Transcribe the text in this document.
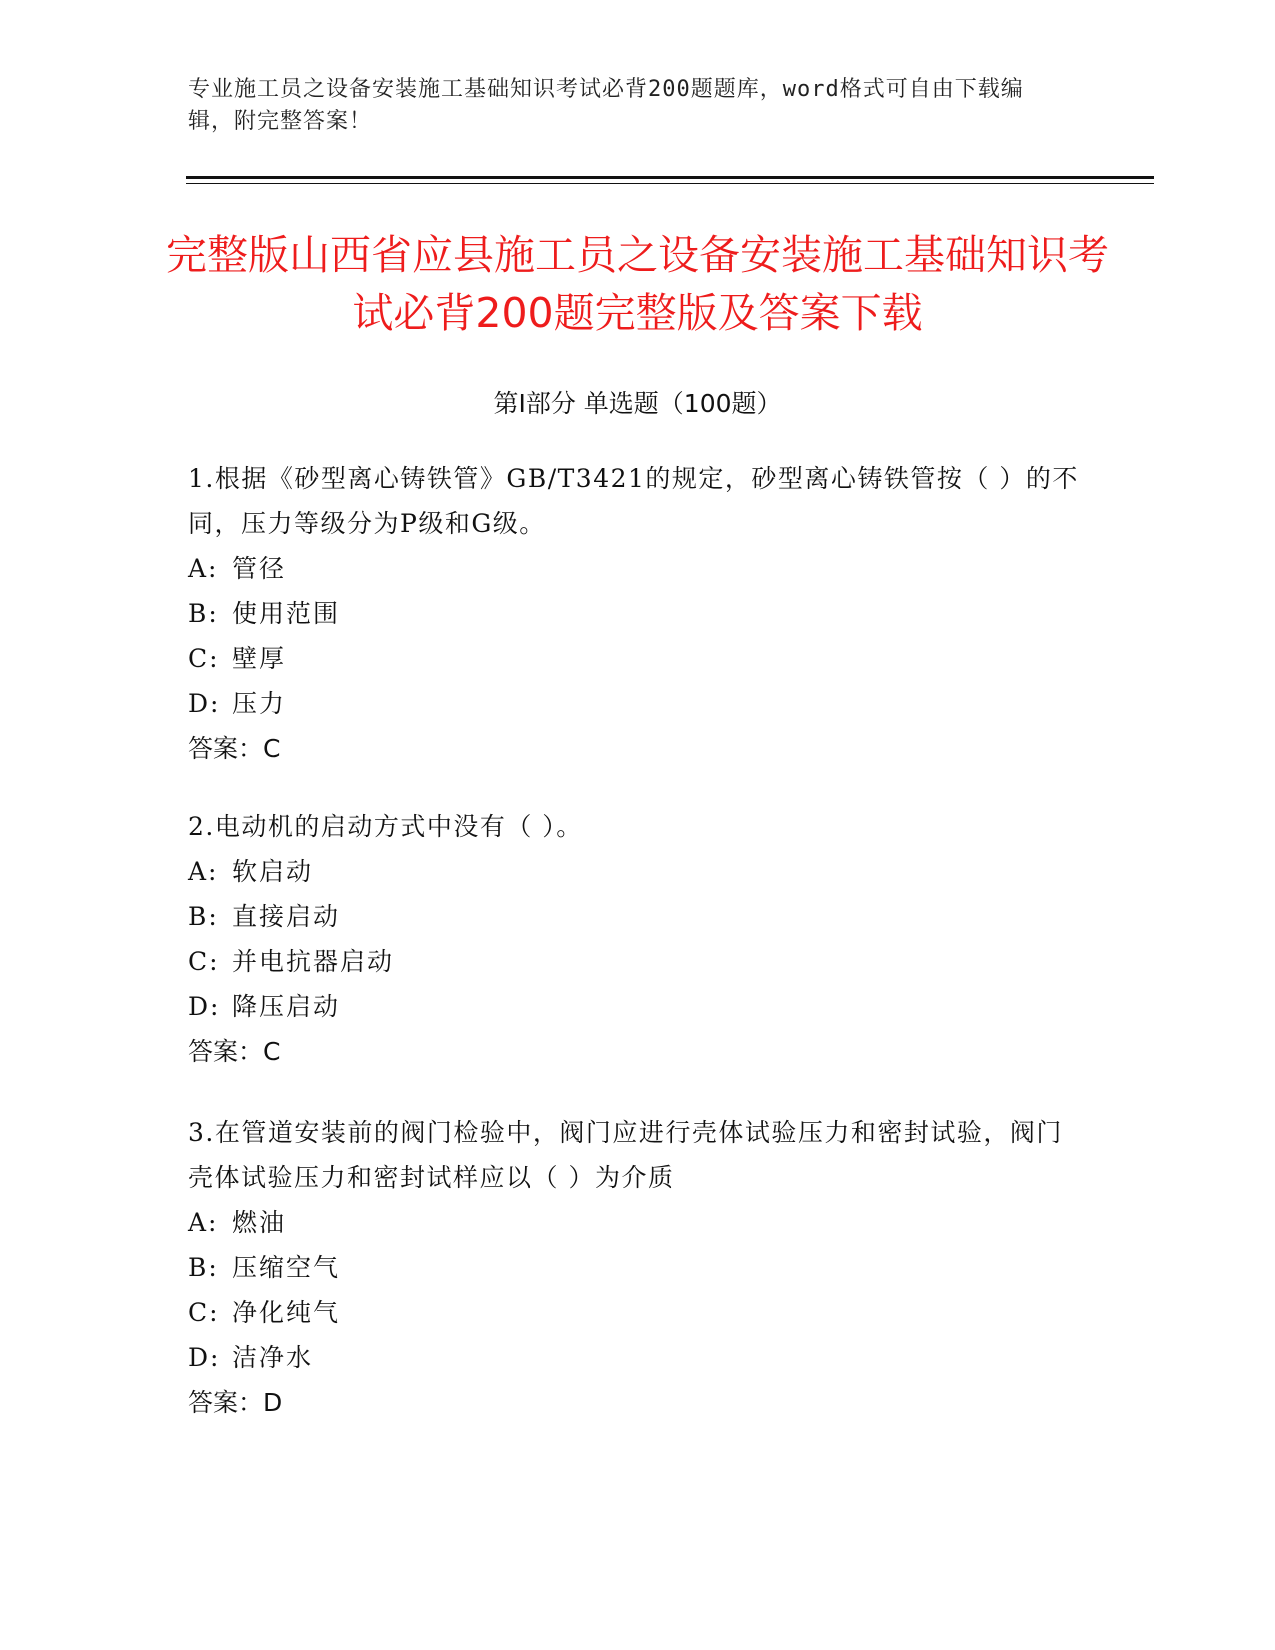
专业施工员之设备安装施工基础知识考试必背200题题库，word格式可自由下载编辑，附完整答案！
完整版山西省应县施工员之设备安装施工基础知识考试必背200题完整版及答案下载
第Ⅰ部分 单选题（100题）
1.根据《砂型离心铸铁管》GB/T3421的规定，砂型离心铸铁管按（ ）的不同，压力等级分为P级和G级。
A: 管径
B: 使用范围
C: 壁厚
D: 压力
答案：C
2.电动机的启动方式中没有（ ）。
A: 软启动
B: 直接启动
C: 并电抗器启动
D: 降压启动
答案：C
3.在管道安装前的阀门检验中，阀门应进行壳体试验压力和密封试验，阀门壳体试验压力和密封试样应以（ ）为介质
A: 燃油
B: 压缩空气
C: 净化纯气
D: 洁净水
答案：D
